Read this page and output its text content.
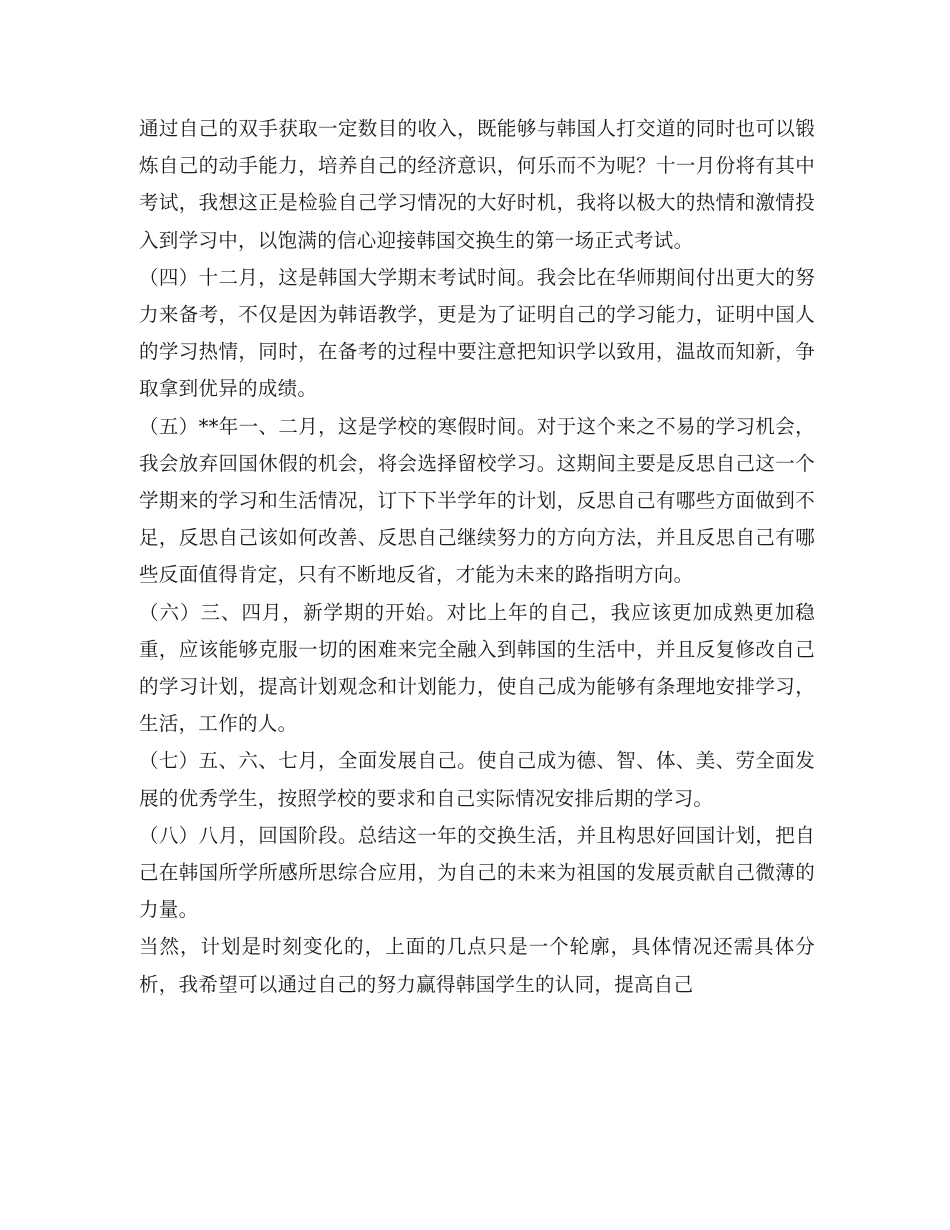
通过自己的双手获取一定数目的收入，既能够与韩国人打交道的同时也可以锻炼自己的动手能力，培养自己的经济意识，何乐而不为呢？十一月份将有其中考试，我想这正是检验自己学习情况的大好时机，我将以极大的热情和激情投入到学习中，以饱满的信心迎接韩国交换生的第一场正式考试。

（四）十二月，这是韩国大学期末考试时间。我会比在华师期间付出更大的努力来备考，不仅是因为韩语教学，更是为了证明自己的学习能力，证明中国人的学习热情，同时，在备考的过程中要注意把知识学以致用，温故而知新，争取拿到优异的成绩。

（五）**年一、二月，这是学校的寒假时间。对于这个来之不易的学习机会，我会放弃回国休假的机会，将会选择留校学习。这期间主要是反思自己这一个学期来的学习和生活情况，订下下半学年的计划，反思自己有哪些方面做到不足，反思自己该如何改善、反思自己继续努力的方向方法，并且反思自己有哪些反面值得肯定，只有不断地反省，才能为未来的路指明方向。

（六）三、四月，新学期的开始。对比上年的自己，我应该更加成熟更加稳重，应该能够克服一切的困难来完全融入到韩国的生活中，并且反复修改自己的学习计划，提高计划观念和计划能力，使自己成为能够有条理地安排学习，生活，工作的人。

（七）五、六、七月，全面发展自己。使自己成为德、智、体、美、劳全面发展的优秀学生，按照学校的要求和自己实际情况安排后期的学习。

（八）八月，回国阶段。总结这一年的交换生活，并且构思好回国计划，把自己在韩国所学所感所思综合应用，为自己的未来为祖国的发展贡献自己微薄的力量。

当然，计划是时刻变化的，上面的几点只是一个轮廓，具体情况还需具体分析，我希望可以通过自己的努力赢得韩国学生的认同，提高自己
